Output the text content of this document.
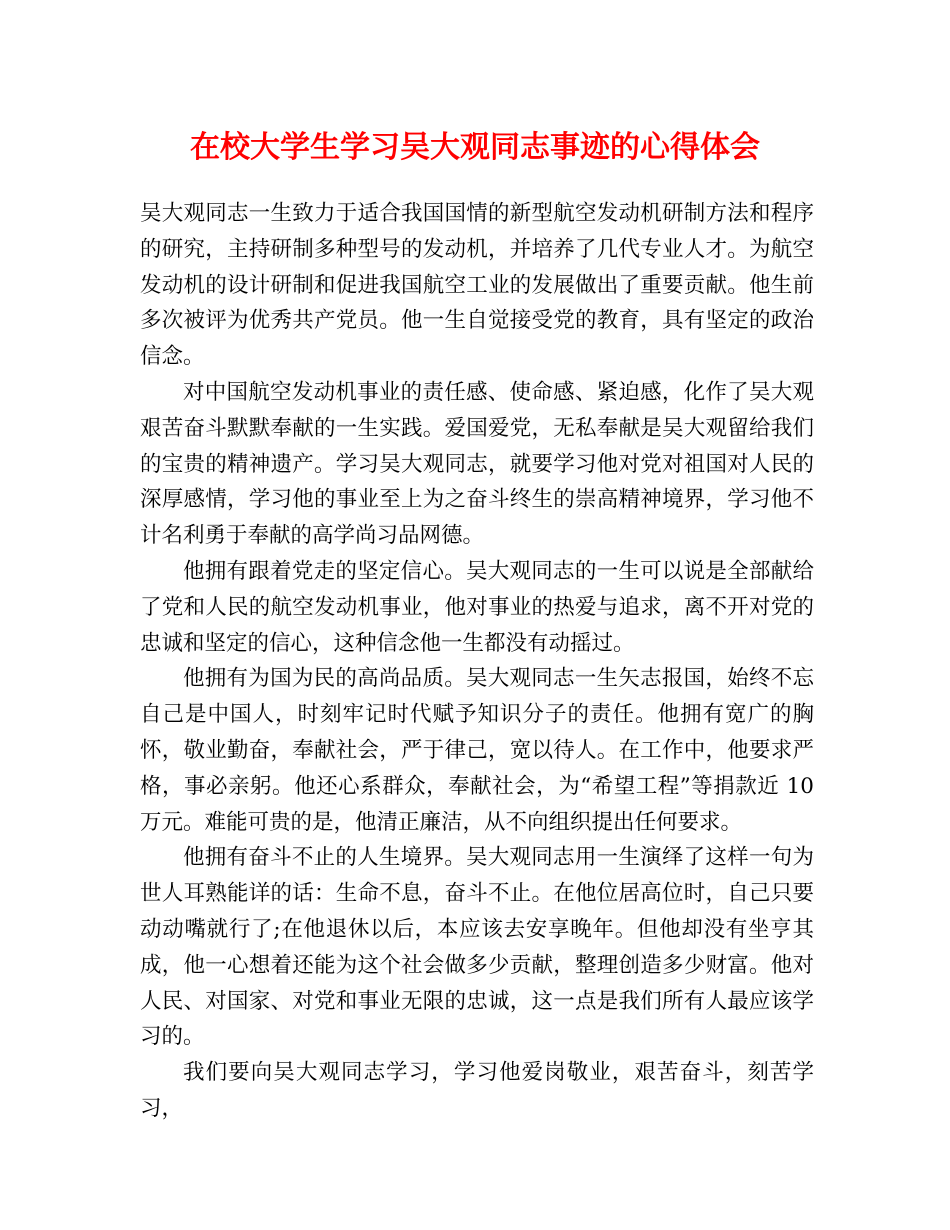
在校大学生学习吴大观同志事迹的心得体会

吴大观同志一生致力于适合我国国情的新型航空发动机研制方法和程序的研究，主持研制多种型号的发动机，并培养了几代专业人才。为航空发动机的设计研制和促进我国航空工业的发展做出了重要贡献。他生前多次被评为优秀共产党员。他一生自觉接受党的教育，具有坚定的政治信念。

对中国航空发动机事业的责任感、使命感、紧迫感，化作了吴大观艰苦奋斗默默奉献的一生实践。爱国爱党，无私奉献是吴大观留给我们的宝贵的精神遗产。学习吴大观同志，就要学习他对党对祖国对人民的深厚感情，学习他的事业至上为之奋斗终生的崇高精神境界，学习他不计名利勇于奉献的高学尚习品网德。

他拥有跟着党走的坚定信心。吴大观同志的一生可以说是全部献给了党和人民的航空发动机事业，他对事业的热爱与追求，离不开对党的忠诚和坚定的信心，这种信念他一生都没有动摇过。

他拥有为国为民的高尚品质。吴大观同志一生矢志报国，始终不忘自己是中国人，时刻牢记时代赋予知识分子的责任。他拥有宽广的胸怀，敬业勤奋，奉献社会，严于律己，宽以待人。在工作中，他要求严格，事必亲躬。他还心系群众，奉献社会，为“希望工程”等捐款近 10 万元。难能可贵的是，他清正廉洁，从不向组织提出任何要求。

他拥有奋斗不止的人生境界。吴大观同志用一生演绎了这样一句为世人耳熟能详的话：生命不息，奋斗不止。在他位居高位时，自己只要动动嘴就行了;在他退休以后，本应该去安享晚年。但他却没有坐亨其成，他一心想着还能为这个社会做多少贡献，整理创造多少财富。他对人民、对国家、对党和事业无限的忠诚，这一点是我们所有人最应该学习的。

我们要向吴大观同志学习，学习他爱岗敬业，艰苦奋斗，刻苦学习，
